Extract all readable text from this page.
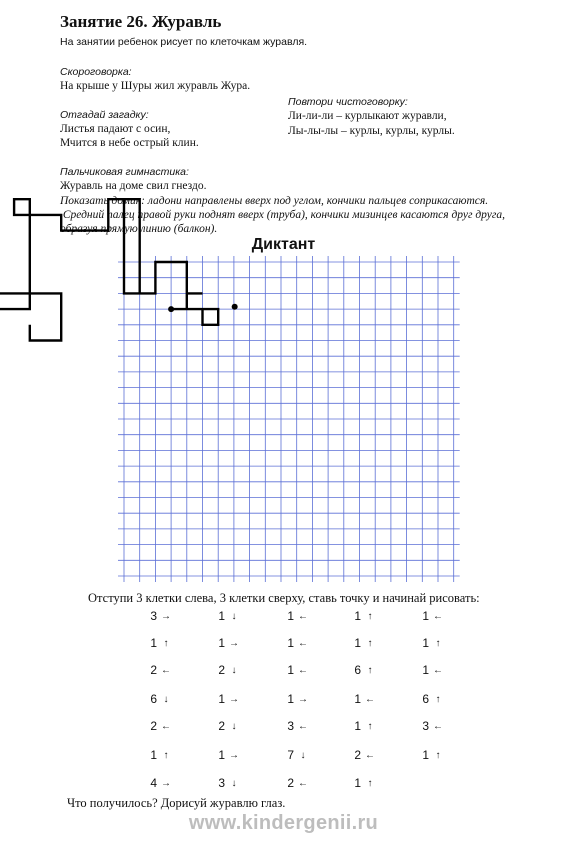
Занятие 26. Журавль
На занятии ребенок рисует по клеточкам журавля.
Скороговорка:
На крыше у Шуры жил журавль Жура.
Отгадай загадку:
Листья падают с осин,
Мчится в небе острый клин.
Повтори чистоговорку:
Ли-ли-ли – курлыкают журавли,
Лы-лы-лы – курлы, курлы, курлы.
Пальчиковая гимнастика:
Журавль на доме свил гнездо.
Показать домик: ладони направлены вверх под углом, кончики пальцев соприкасаются.
Средний палец правой руки поднят вверх (труба), кончики мизинцев касаются друг друга,
образуя прямую линию (балкон).
Диктант
Отступи 3 клетки слева, 3 клетки сверху, ставь точку и начинай рисовать:
3 →
1 ↑
2 ←
6 ↓
2 ←
1 ↑
4 →
1 ↓
1 →
2 ↓
1 →
2 ↓
1 →
3 ↓
1 ←
1 ←
1 ←
1 →
3 ←
7 ↓
2 ←
1 ↑
1 ↑
6 ↑
1 ←
1 ↑
2 ←
1 ↑
1 ←
1 ↑
1 ←
6 ↑
3 ←
1 ↑
Что получилось? Дорисуй журавлю глаз.
www.kindergenii.ru
